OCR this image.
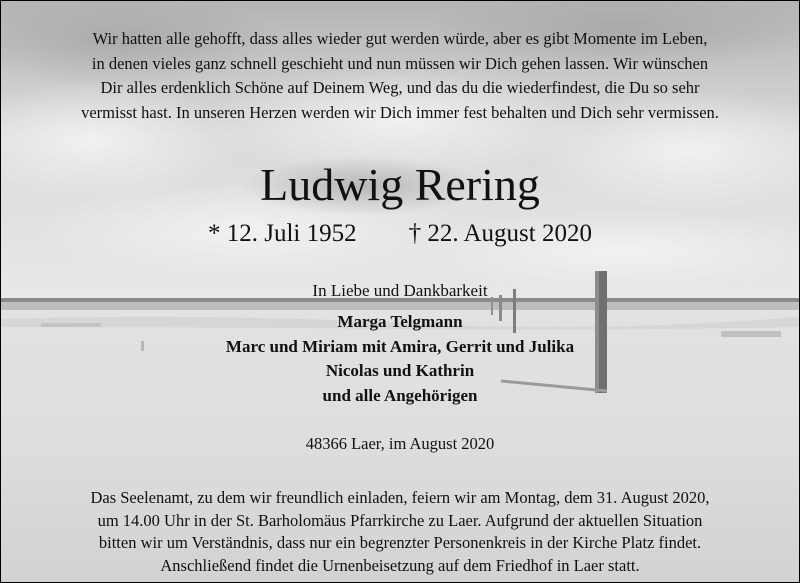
Wir hatten alle gehofft, dass alles wieder gut werden würde, aber es gibt Momente im Leben,
in denen vieles ganz schnell geschieht und nun müssen wir Dich gehen lassen. Wir wünschen
Dir alles erdenklich Schöne auf Deinem Weg, und das du die wiederfindest, die Du so sehr
vermisst hast. In unseren Herzen werden wir Dich immer fest behalten und Dich sehr vermissen.
Ludwig Rering
* 12. Juli 1952 † 22. August 2020
In Liebe und Dankbarkeit
Marga Telgmann
Marc und Miriam mit Amira, Gerrit und Julika
Nicolas und Kathrin
und alle Angehörigen
48366 Laer, im August 2020
Das Seelenamt, zu dem wir freundlich einladen, feiern wir am Montag, dem 31. August 2020,
um 14.00 Uhr in der St. Barholomäus Pfarrkirche zu Laer. Aufgrund der aktuellen Situation
bitten wir um Verständnis, dass nur ein begrenzter Personenkreis in der Kirche Platz findet.
Anschließend findet die Urnenbeisetzung auf dem Friedhof in Laer statt.
